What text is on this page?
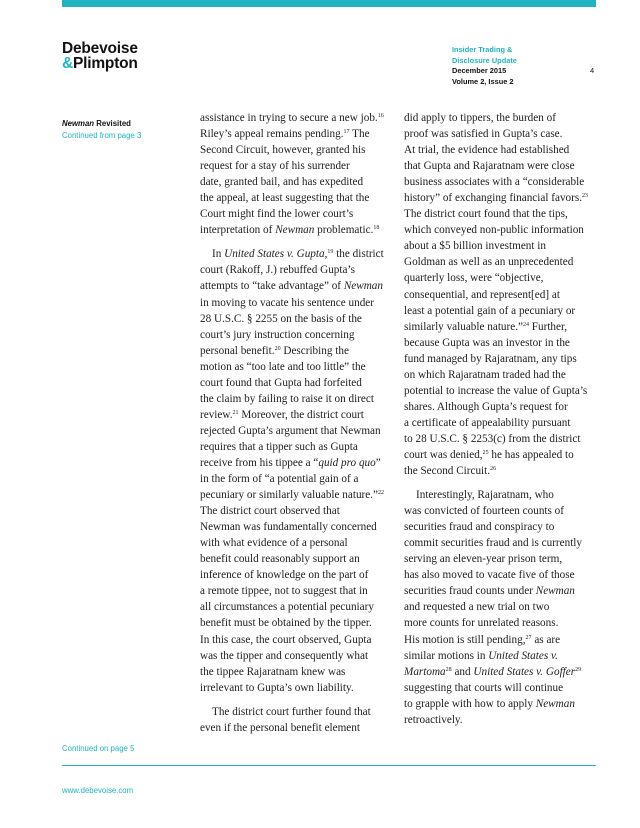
Debevoise
&Plimpton
Insider Trading &
Disclosure Update
December 2015
Volume 2, Issue 2
4
Newman Revisited
Continued from page 3

assistance in trying to secure a new job.$^{16}$
Riley’s appeal remains pending.$^{17}$ The
Second Circuit, however, granted his
request for a stay of his surrender
date, granted bail, and has expedited
the appeal, at least suggesting that the
Court might find the lower court’s
interpretation of Newman problematic.$^{18}$

In United States v. Gupta,$^{19}$ the district
court (Rakoff, J.) rebuffed Gupta’s
attempts to “take advantage” of Newman
in moving to vacate his sentence under
28 U.S.C. § 2255 on the basis of the
court’s jury instruction concerning
personal benefit.$^{20}$ Describing the
motion as “too late and too little” the
court found that Gupta had forfeited
the claim by failing to raise it on direct
review.$^{21}$ Moreover, the district court
rejected Gupta’s argument that Newman
requires that a tipper such as Gupta
receive from his tippee a “quid pro quo”
in the form of “a potential gain of a
pecuniary or similarly valuable nature.”$^{22}$
The district court observed that
Newman was fundamentally concerned
with what evidence of a personal
benefit could reasonably support an
inference of knowledge on the part of
a remote tippee, not to suggest that in
all circumstances a potential pecuniary
benefit must be obtained by the tipper.
In this case, the court observed, Gupta
was the tipper and consequently what
the tippee Rajaratnam knew was
irrelevant to Gupta’s own liability.

The district court further found that
even if the personal benefit element

did apply to tippers, the burden of
proof was satisfied in Gupta’s case.
At trial, the evidence had established
that Gupta and Rajaratnam were close
business associates with a “considerable
history” of exchanging financial favors.$^{23}$
The district court found that the tips,
which conveyed non-public information
about a $5 billion investment in
Goldman as well as an unprecedented
quarterly loss, were “objective,
consequential, and represent[ed] at
least a potential gain of a pecuniary or
similarly valuable nature.”$^{24}$ Further,
because Gupta was an investor in the
fund managed by Rajaratnam, any tips
on which Rajaratnam traded had the
potential to increase the value of Gupta’s
shares. Although Gupta’s request for
a certificate of appealability pursuant
to 28 U.S.C. § 2253(c) from the district
court was denied,$^{25}$ he has appealed to
the Second Circuit.$^{26}$

Interestingly, Rajaratnam, who
was convicted of fourteen counts of
securities fraud and conspiracy to
commit securities fraud and is currently
serving an eleven-year prison term,
has also moved to vacate five of those
securities fraud counts under Newman
and requested a new trial on two
more counts for unrelated reasons.
His motion is still pending,$^{27}$ as are
similar motions in United States v.
Martoma$^{28}$ and United States v. Goffer$^{29}$
suggesting that courts will continue
to grapple with how to apply Newman
retroactively.

Continued on page 5
www.debevoise.com
